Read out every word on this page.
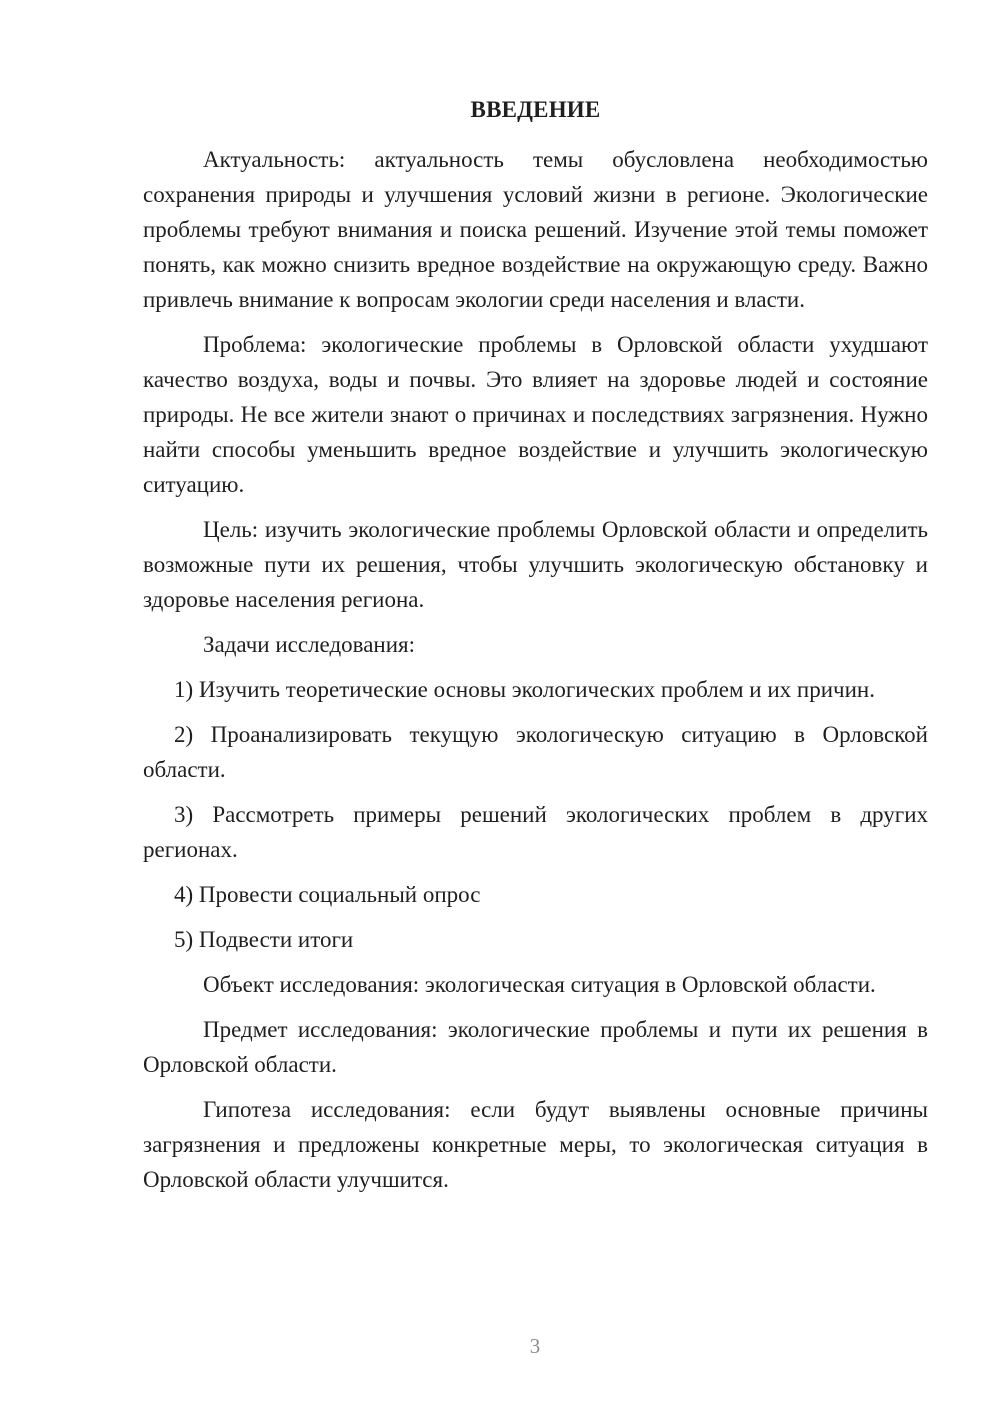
ВВЕДЕНИЕ

Актуальность: актуальность темы обусловлена необходимостью сохранения природы и улучшения условий жизни в регионе. Экологические проблемы требуют внимания и поиска решений. Изучение этой темы поможет понять, как можно снизить вредное воздействие на окружающую среду. Важно привлечь внимание к вопросам экологии среди населения и власти.

Проблема: экологические проблемы в Орловской области ухудшают качество воздуха, воды и почвы. Это влияет на здоровье людей и состояние природы. Не все жители знают о причинах и последствиях загрязнения. Нужно найти способы уменьшить вредное воздействие и улучшить экологическую ситуацию.

Цель: изучить экологические проблемы Орловской области и определить возможные пути их решения, чтобы улучшить экологическую обстановку и здоровье населения региона.

Задачи исследования:

1) Изучить теоретические основы экологических проблем и их причин.

2) Проанализировать текущую экологическую ситуацию в Орловской области.

3) Рассмотреть примеры решений экологических проблем в других регионах.

4) Провести социальный опрос

5) Подвести итоги

Объект исследования: экологическая ситуация в Орловской области.

Предмет исследования: экологические проблемы и пути их решения в Орловской области.

Гипотеза исследования: если будут выявлены основные причины загрязнения и предложены конкретные меры, то экологическая ситуация в Орловской области улучшится.

3
